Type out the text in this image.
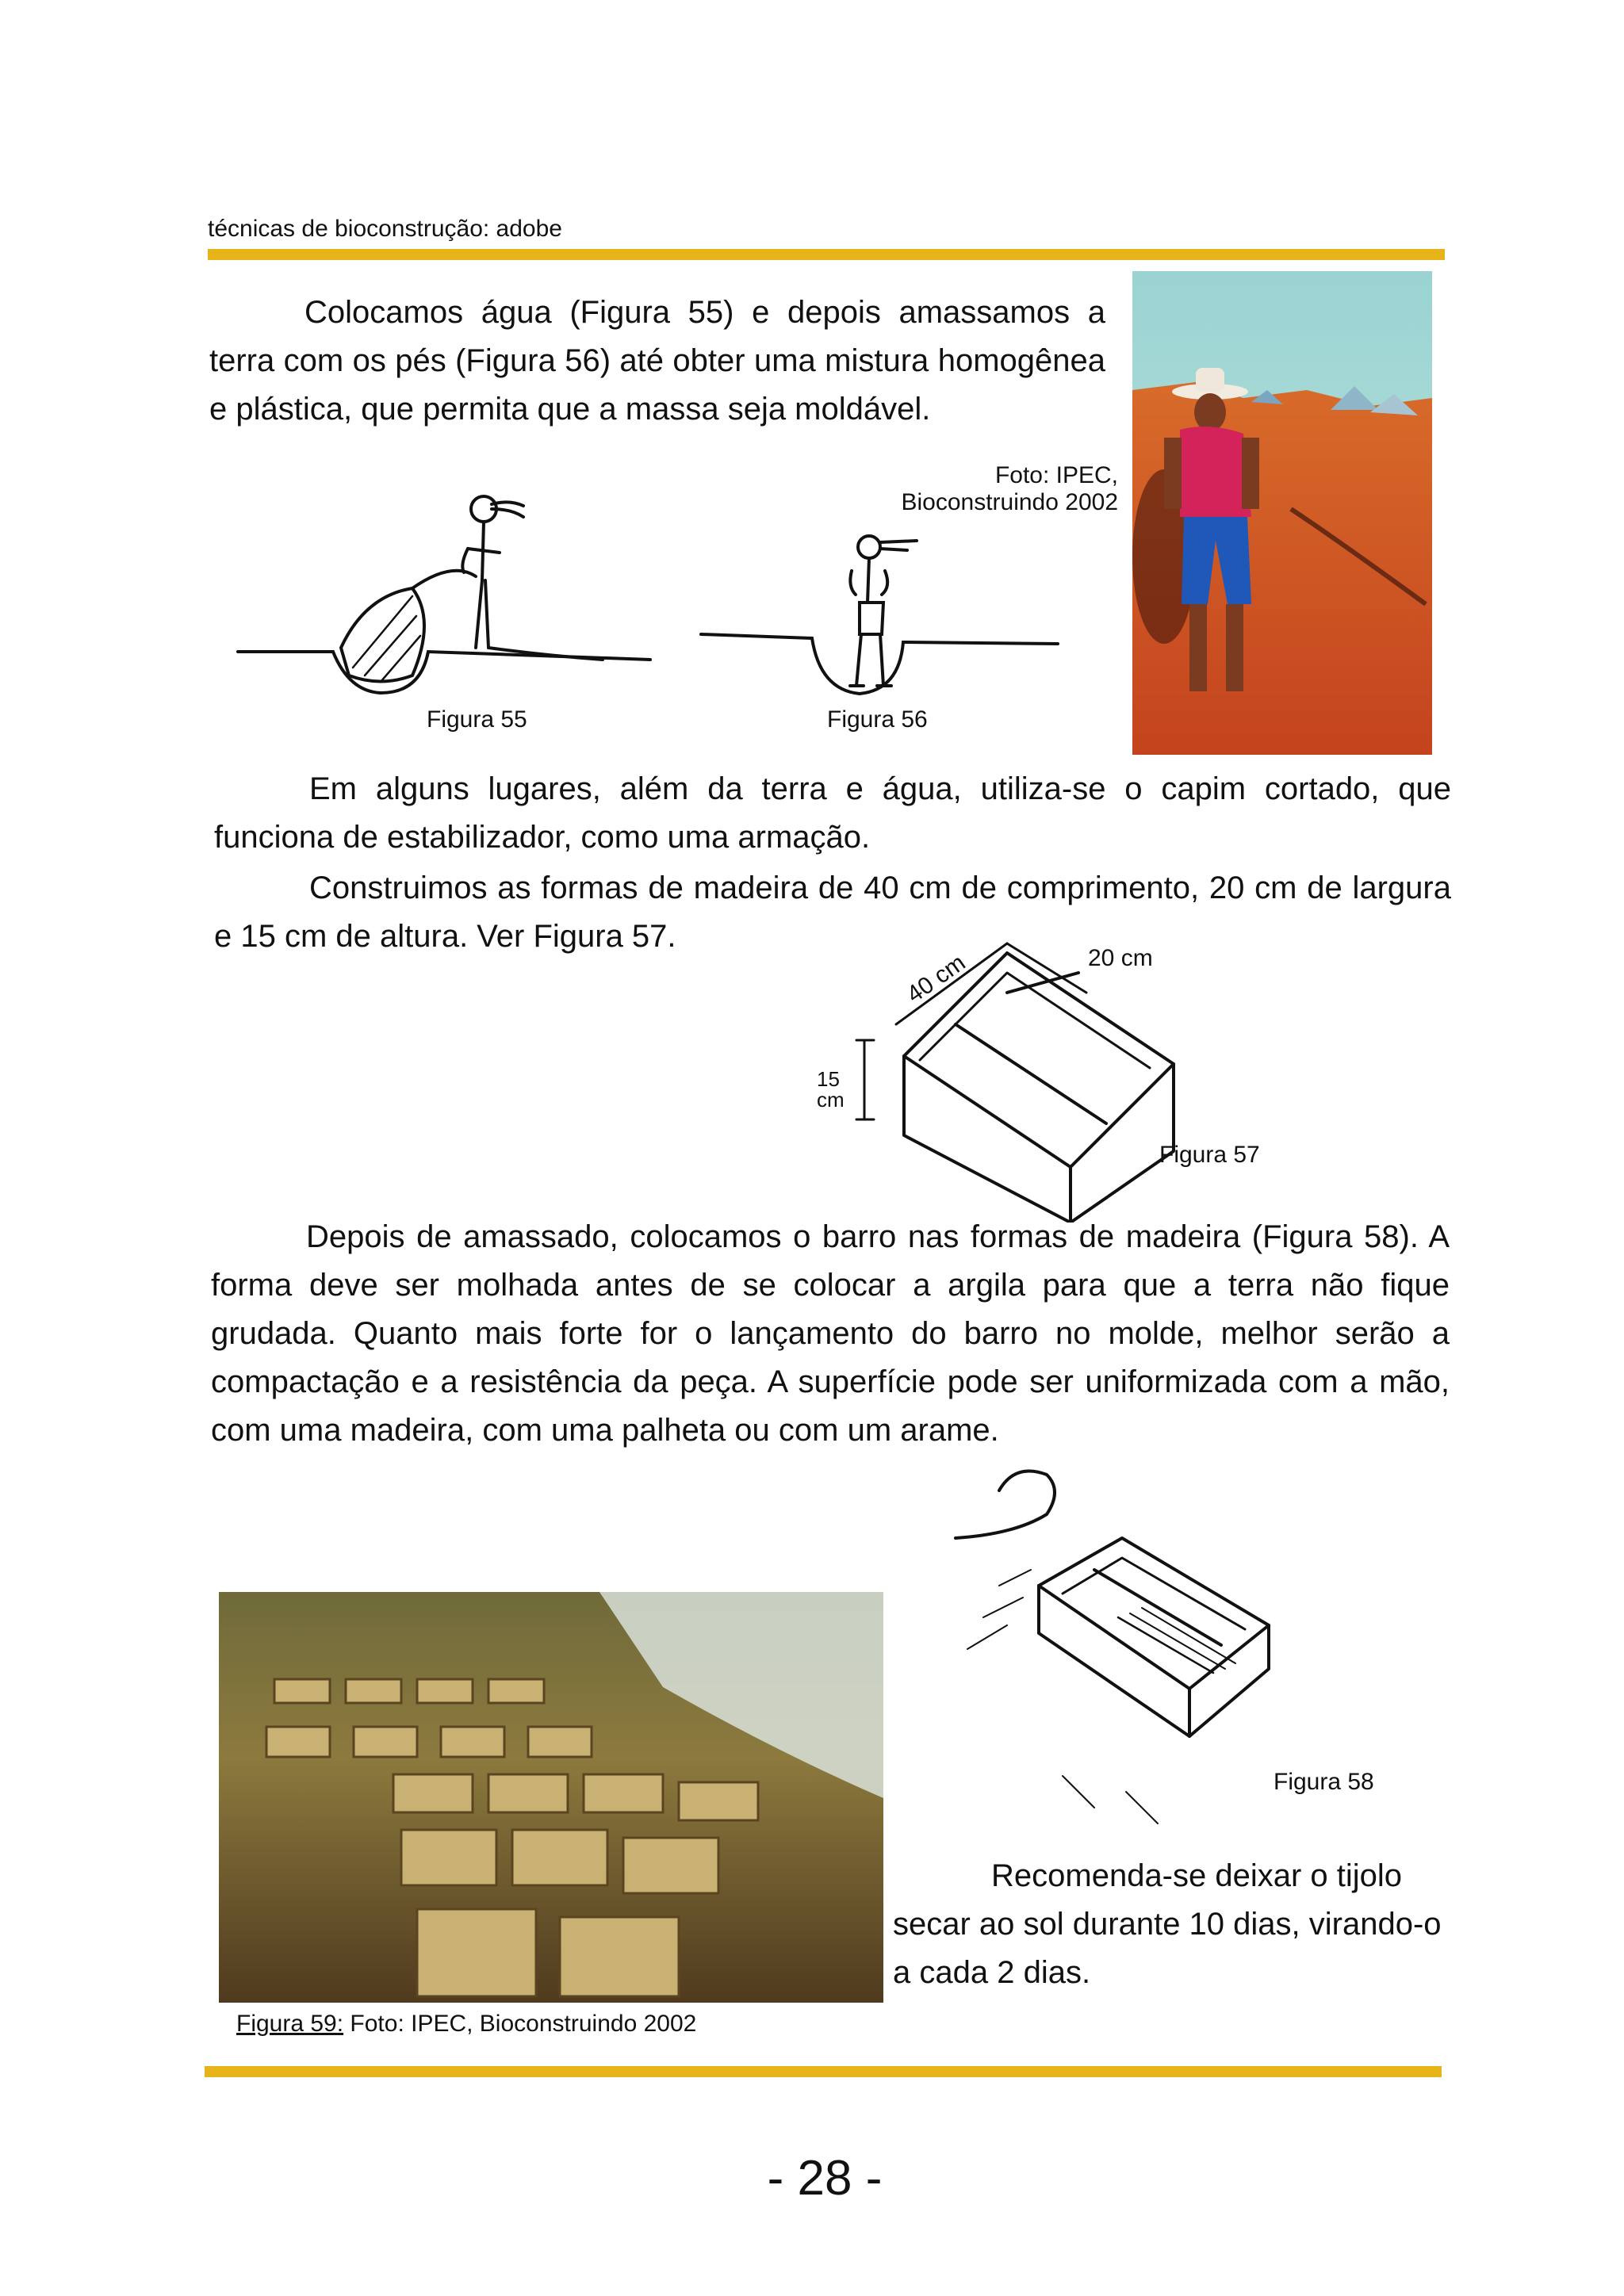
técnicas de bioconstrução: adobe
Colocamos água (Figura 55) e depois amassamos a terra com os pés (Figura 56) até obter uma mistura homogênea e plástica, que permita que a massa seja moldável.
Foto: IPEC,
Bioconstruindo 2002
Figura 55	Figura 56
Em alguns lugares, além da terra e água, utiliza-se o capim cortado, que funciona de estabilizador, como uma armação.
Construimos as formas de madeira de 40 cm de comprimento, 20 cm de largura e 15 cm de altura. Ver Figura 57.
40 cm	20 cm
15 cm
Figura 57
Depois de amassado, colocamos o barro nas formas de madeira (Figura 58). A forma deve ser molhada antes de se colocar a argila para que a terra não fique grudada. Quanto mais forte for o lançamento do barro no molde, melhor serão a compactação e a resistência da peça. A superfície pode ser uniformizada com a mão, com uma madeira, com uma palheta ou com um arame.
Figura 58
Figura 59: Foto: IPEC, Bioconstruindo 2002
Recomenda-se deixar o tijolo secar ao sol durante 10 dias, virando-o a cada 2 dias.
- 28 -
